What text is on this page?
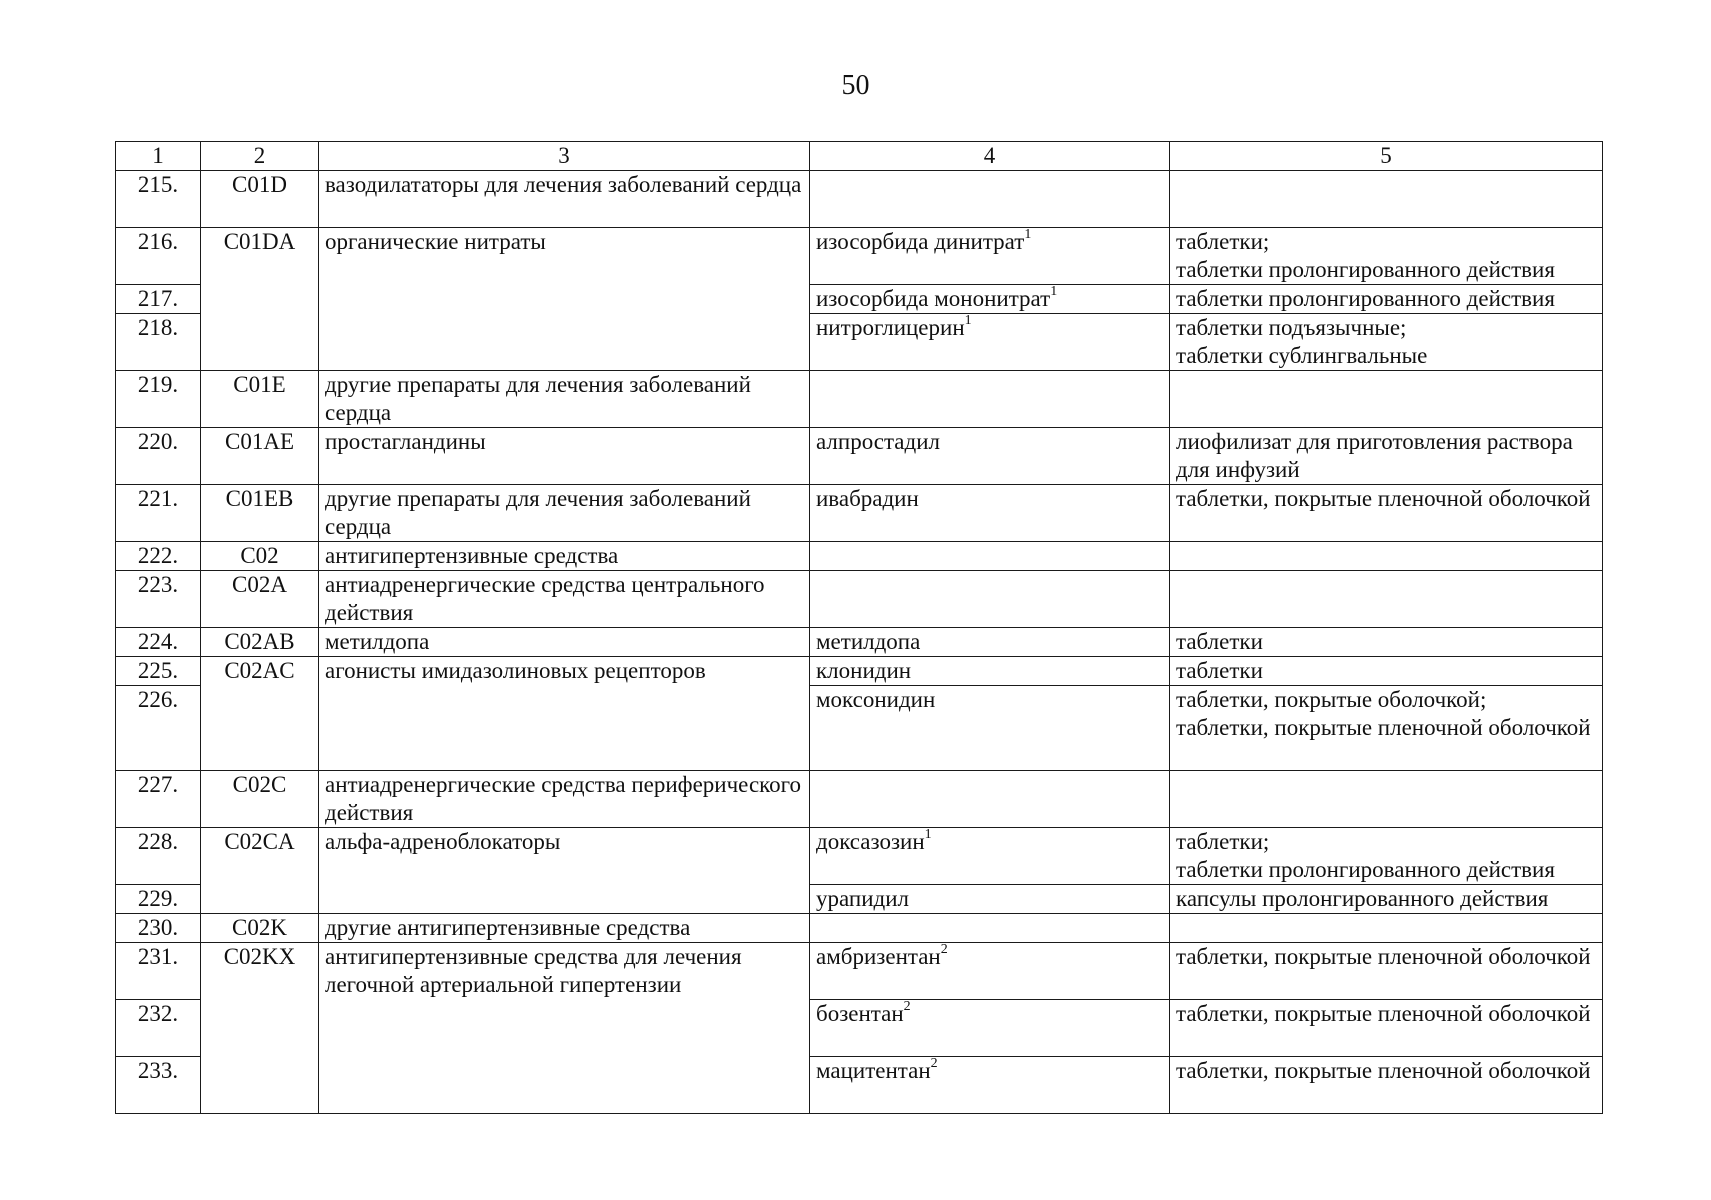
50
1	2	3	4	5
215.	C01D	вазодилататоры для лечения заболеваний сердца		
216.	C01DA	органические нитраты	изосорбида динитрат$^1$	таблетки;
таблетки пролонгированного действия
217.			изосорбида мононитрат$^1$	таблетки пролонгированного действия
218.			нитроглицерин$^1$	таблетки подъязычные;
таблетки сублингвальные
219.	C01E	другие препараты для лечения заболеваний сердца		
220.	C01AE	простагландины	алпростадил	лиофилизат для приготовления раствора для инфузий
221.	C01EB	другие препараты для лечения заболеваний сердца	ивабрадин	таблетки, покрытые пленочной оболочкой
222.	C02	антигипертензивные средства		
223.	C02A	антиадренергические средства центрального действия		
224.	C02AB	метилдопа	метилдопа	таблетки
225.	C02AC	агонисты имидазолиновых рецепторов	клонидин	таблетки
226.			моксонидин	таблетки, покрытые оболочкой;
таблетки, покрытые пленочной оболочкой
227.	C02C	антиадренергические средства периферического действия		
228.	C02CA	альфа-адреноблокаторы	доксазозин$^1$	таблетки;
таблетки пролонгированного действия
229.			урапидил	капсулы пролонгированного действия
230.	C02K	другие антигипертензивные средства		
231.	C02KX	антигипертензивные средства для лечения легочной артериальной гипертензии	амбризентан$^2$	таблетки, покрытые пленочной оболочкой
232.			бозентан$^2$	таблетки, покрытые пленочной оболочкой
233.			мацитентан$^2$	таблетки, покрытые пленочной оболочкой
